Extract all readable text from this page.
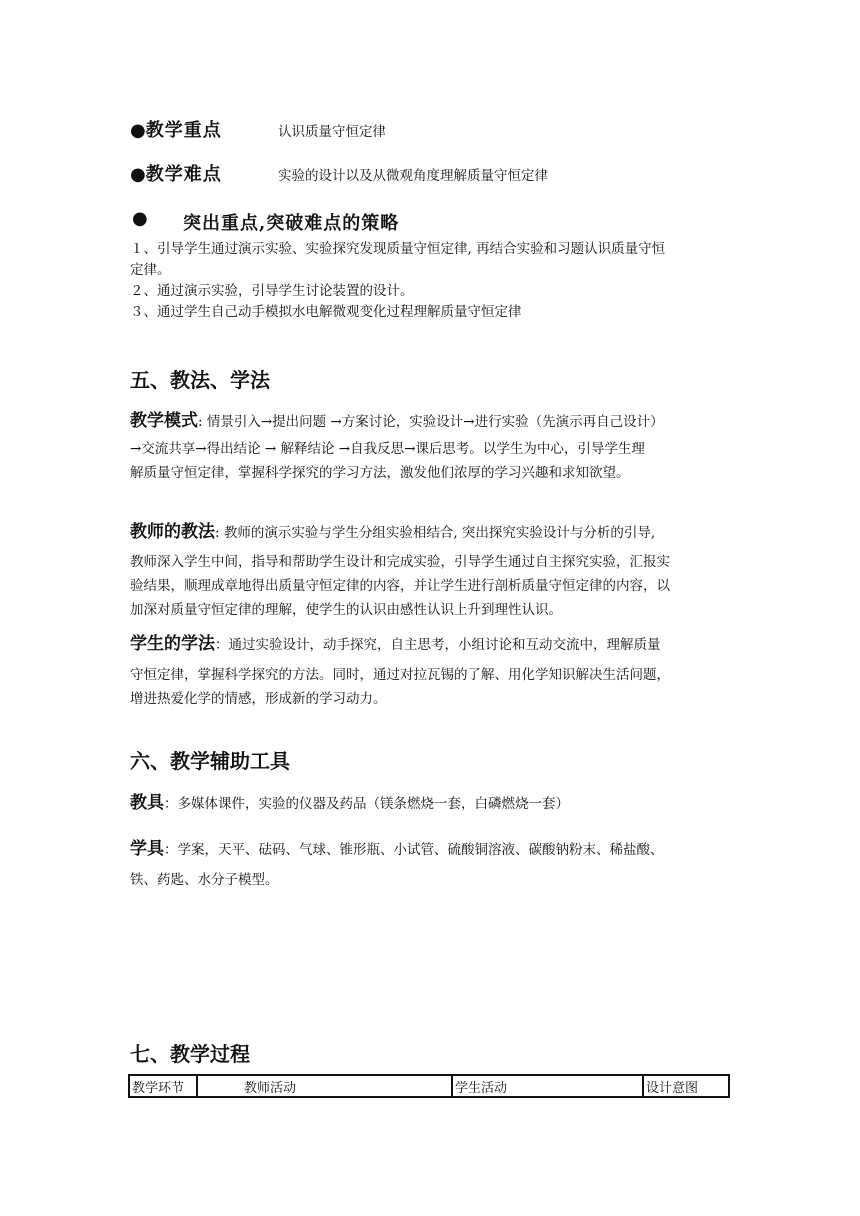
●教学重点	认识质量守恒定律
●教学难点	实验的设计以及从微观角度理解质量守恒定律
● 突出重点,突破难点的策略
１、引导学生通过演示实验、实验探究发现质量守恒定律, 再结合实验和习题认识质量守恒
定律。
２、通过演示实验，引导学生讨论装置的设计。
３、通过学生自己动手模拟水电解微观变化过程理解质量守恒定律
五、教法、学法
教学模式: 情景引入→提出问题 →方案讨论，实验设计→进行实验（先演示再自己设计）
→交流共享→得出结论 → 解释结论 →自我反思→课后思考。以学生为中心，引导学生理
解质量守恒定律，掌握科学探究的学习方法，激发他们浓厚的学习兴趣和求知欲望。
教师的教法: 教师的演示实验与学生分组实验相结合, 突出探究实验设计与分析的引导,
教师深入学生中间，指导和帮助学生设计和完成实验，引导学生通过自主探究实验，汇报实
验结果，顺理成章地得出质量守恒定律的内容，并让学生进行剖析质量守恒定律的内容，以
加深对质量守恒定律的理解，使学生的认识由感性认识上升到理性认识。
学生的学法：通过实验设计，动手探究，自主思考，小组讨论和互动交流中，理解质量
守恒定律，掌握科学探究的方法。同时，通过对拉瓦锡的了解、用化学知识解决生活问题，
增进热爱化学的情感，形成新的学习动力。
六、教学辅助工具
教具：多媒体课件，实验的仪器及药品（镁条燃烧一套，白磷燃烧一套）
学具：学案，天平、砝码、气球、锥形瓶、小试管、硫酸铜溶液、碳酸钠粉末、稀盐酸、
铁、药匙、水分子模型。
七、教学过程
教学环节	教师活动	学生活动	设计意图
